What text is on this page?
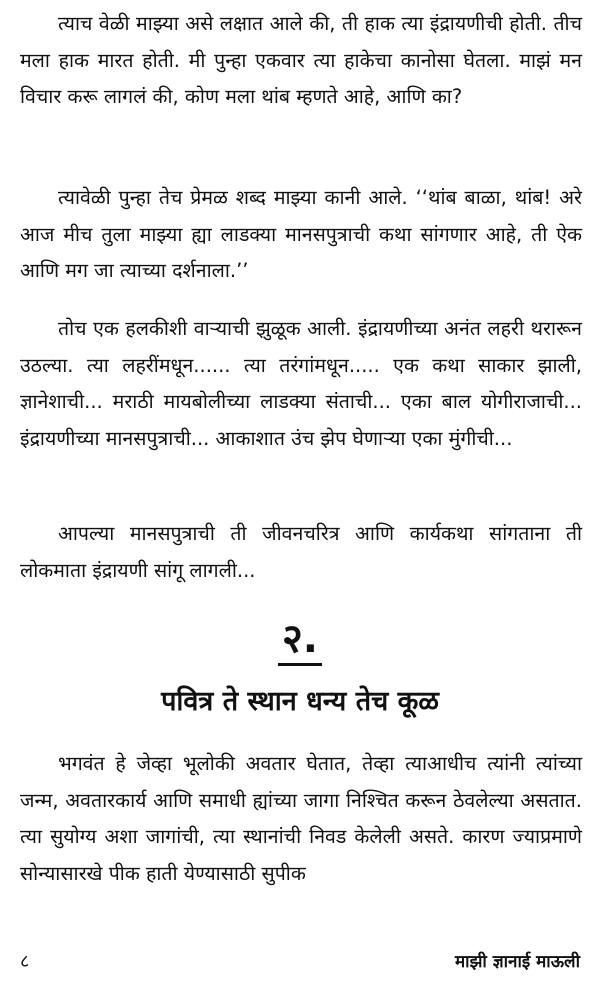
त्याच वेळी माझ्या असे लक्षात आले की, ती हाक त्या इंद्रायणीची होती. तीच मला हाक मारत होती. मी पुन्हा एकवार त्या हाकेचा कानोसा घेतला. माझं मन विचार करू लागलं की, कोण मला थांब म्हणते आहे, आणि का?

त्यावेळी पुन्हा तेच प्रेमळ शब्द माझ्या कानी आले. ‘‘थांब बाळा, थांब! अरे आज मीच तुला माझ्या ह्या लाडक्या मानसपुत्राची कथा सांगणार आहे, ती ऐक आणि मग जा त्याच्या दर्शनाला.’’

तोच एक हलकीशी वाऱ्याची झुळूक आली. इंद्रायणीच्या अनंत लहरी थरारून उठल्या. त्या लहरींमधून...... त्या तरंगांमधून..... एक कथा साकार झाली, ज्ञानेशाची... मराठी मायबोलीच्या लाडक्या संताची... एका बाल योगीराजाची... इंद्रायणीच्या मानसपुत्राची... आकाशात उंच झेप घेणाऱ्या एका मुंगीची...

आपल्या मानसपुत्राची ती जीवनचरित्र आणि कार्यकथा सांगताना ती लोकमाता इंद्रायणी सांगू लागली...

२.
पवित्र ते स्थान धन्य तेच कूळ

भगवंत हे जेव्हा भूलोकी अवतार घेतात, तेव्हा त्याआधीच त्यांनी त्यांच्या जन्म, अवतारकार्य आणि समाधी ह्यांच्या जागा निश्चित करून ठेवलेल्या असतात. त्या सुयोग्य अशा जागांची, त्या स्थानांची निवड केलेली असते. कारण ज्याप्रमाणे सोन्यासारखे पीक हाती येण्यासाठी सुपीक

८	माझी ज्ञानाई माऊली
